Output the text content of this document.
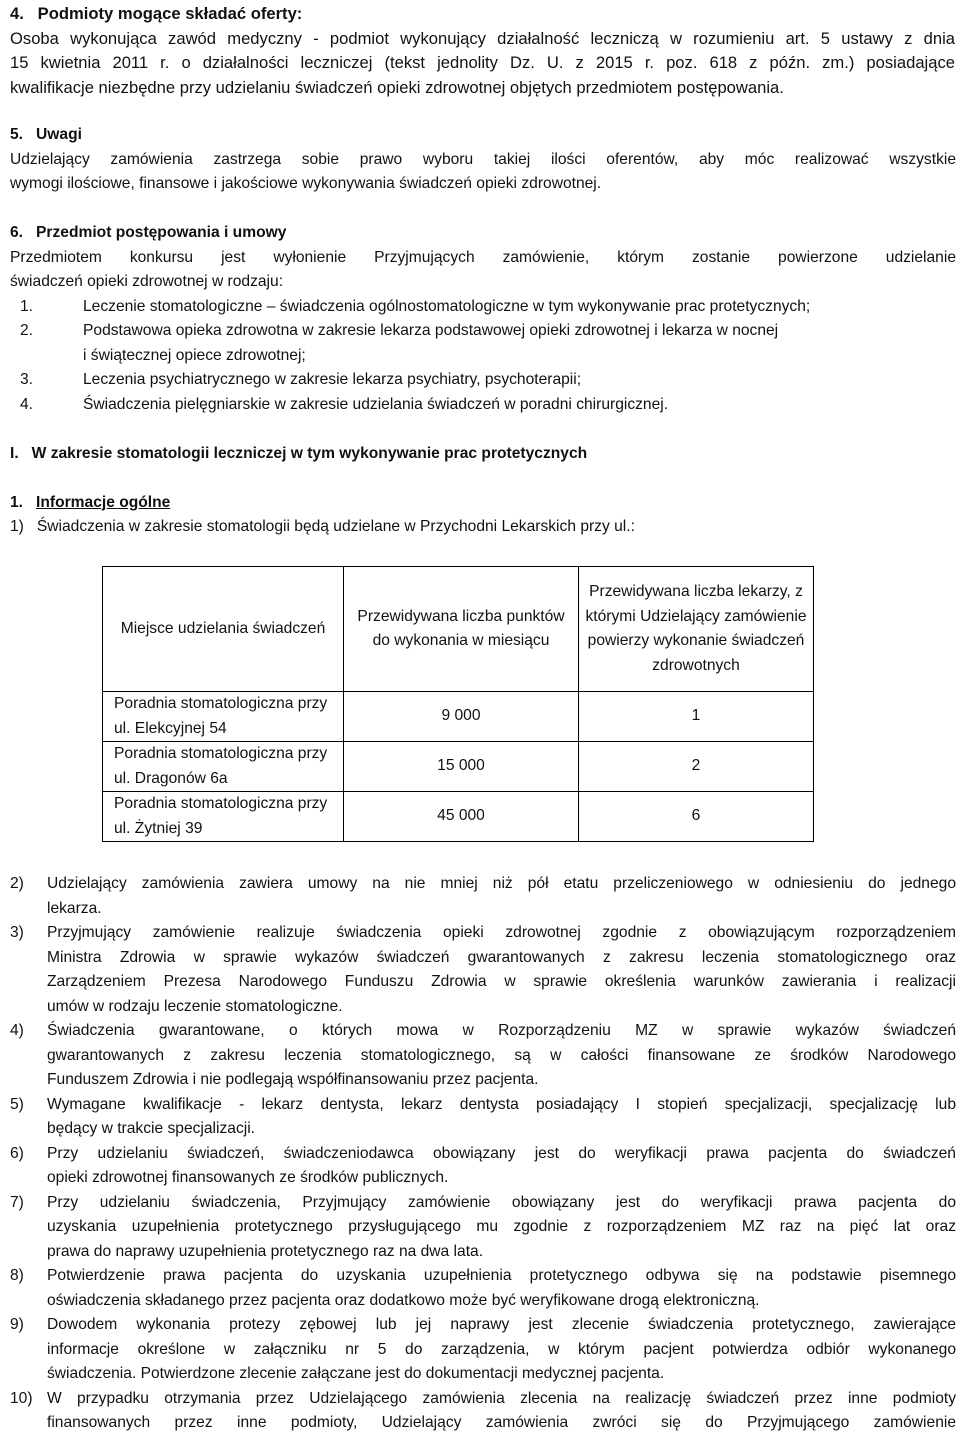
4.   Podmioty mogące składać oferty:
Osoba wykonująca zawód medyczny - podmiot wykonujący działalność leczniczą w rozumieniu art. 5 ustawy z dnia
15 kwietnia 2011 r. o działalności leczniczej (tekst jednolity Dz. U. z 2015 r. poz. 618 z późn. zm.) posiadające
kwalifikacje niezbędne przy udzielaniu świadczeń opieki zdrowotnej objętych przedmiotem postępowania.
5.   Uwagi
Udzielający zamówienia zastrzega sobie prawo wyboru takiej ilości oferentów, aby móc realizować wszystkie
wymogi ilościowe, finansowe i jakościowe wykonywania świadczeń opieki zdrowotnej.
6.   Przedmiot postępowania i umowy
Przedmiotem konkursu jest wyłonienie Przyjmujących zamówienie, którym zostanie powierzone udzielanie
świadczeń opieki zdrowotnej w rodzaju:
1.	Leczenie stomatologiczne – świadczenia ogólnostomatologiczne w tym wykonywanie prac protetycznych;
2.	Podstawowa opieka zdrowotna w zakresie lekarza podstawowej opieki zdrowotnej i lekarza w nocnej
i świątecznej opiece zdrowotnej;
3.	Leczenia psychiatrycznego w zakresie lekarza psychiatry, psychoterapii;
4.	Świadczenia pielęgniarskie w zakresie udzielania świadczeń w poradni chirurgicznej.
I.   W zakresie stomatologii leczniczej w tym wykonywanie prac protetycznych
1.   Informacje ogólne
1)   Świadczenia w zakresie stomatologii będą udzielane w Przychodni Lekarskich przy ul.:
Miejsce udzielania świadczeń	Przewidywana liczba punktów do wykonania w miesiącu	Przewidywana liczba lekarzy, z którymi Udzielający zamówienie powierzy wykonanie świadczeń zdrowotnych
Poradnia stomatologiczna przy ul. Elekcyjnej 54	9 000	1
Poradnia stomatologiczna przy ul. Dragonów 6a	15 000	2
Poradnia stomatologiczna przy ul. Żytniej 39	45 000	6
2)	Udzielający zamówienia zawiera umowy na nie mniej niż pół etatu przeliczeniowego w odniesieniu do jednego
lekarza.
3)	Przyjmujący zamówienie realizuje świadczenia opieki zdrowotnej zgodnie z obowiązującym rozporządzeniem
Ministra Zdrowia w sprawie wykazów świadczeń gwarantowanych z zakresu leczenia stomatologicznego oraz
Zarządzeniem Prezesa Narodowego Funduszu Zdrowia w sprawie określenia warunków zawierania i realizacji
umów w rodzaju leczenie stomatologiczne.
4)	Świadczenia gwarantowane, o których mowa w Rozporządzeniu MZ w sprawie wykazów świadczeń
gwarantowanych z zakresu leczenia stomatologicznego, są w całości finansowane ze środków Narodowego
Funduszem Zdrowia i nie podlegają współfinansowaniu przez pacjenta.
5)	Wymagane kwalifikacje - lekarz dentysta, lekarz dentysta posiadający I stopień specjalizacji, specjalizację lub
będący w trakcie specjalizacji.
6)	Przy udzielaniu świadczeń, świadczeniodawca obowiązany jest do weryfikacji prawa pacjenta do świadczeń
opieki zdrowotnej finansowanych ze środków publicznych.
7)	Przy udzielaniu świadczenia, Przyjmujący zamówienie obowiązany jest do weryfikacji prawa pacjenta do
uzyskania uzupełnienia protetycznego przysługującego mu zgodnie z rozporządzeniem MZ raz na pięć lat oraz
prawa do naprawy uzupełnienia protetycznego raz na dwa lata.
8)	Potwierdzenie prawa pacjenta do uzyskania uzupełnienia protetycznego odbywa się na podstawie pisemnego
oświadczenia składanego przez pacjenta oraz dodatkowo może być weryfikowane drogą elektroniczną.
9)	Dowodem wykonania protezy zębowej lub jej naprawy jest zlecenie świadczenia protetycznego, zawierające
informacje określone w załączniku nr 5 do zarządzenia, w którym pacjent potwierdza odbiór wykonanego
świadczenia. Potwierdzone zlecenie załączane jest do dokumentacji medycznej pacjenta.
10) W przypadku otrzymania przez Udzielającego zamówienia zlecenia na realizację świadczeń przez inne podmioty
finansowanych przez inne podmioty, Udzielający zamówienia zwróci się do Przyjmującego zamówienie
